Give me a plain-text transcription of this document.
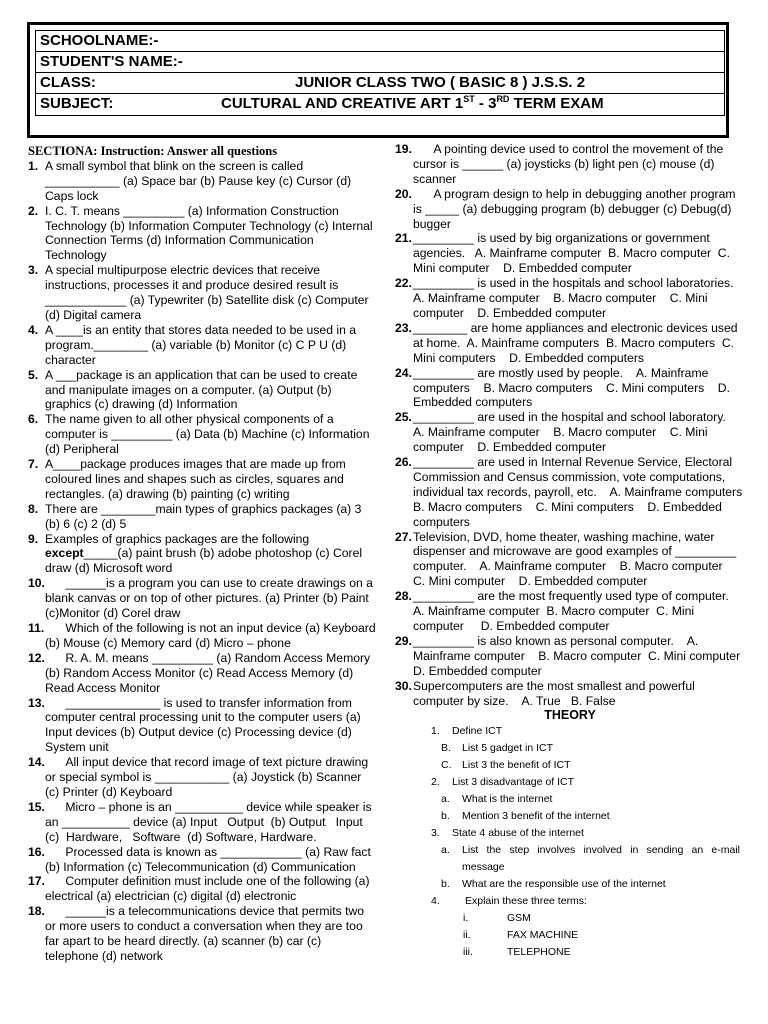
SCHOOLNAME:-
STUDENT'S NAME:-
CLASS:	JUNIOR CLASS TWO ( BASIC 8 ) J.S.S. 2
SUBJECT:	CULTURAL AND CREATIVE ART 1ST - 3RD TERM EXAM
SECTIONA: Instruction: Answer all questions
1. A small symbol that blink on the screen is called ___________ (a) Space bar (b) Pause key (c) Cursor (d) Caps lock
2. I. C. T. means _________ (a) Information Construction Technology (b) Information Computer Technology (c) Internal Connection Terms (d) Information Communication Technology
3. A special multipurpose electric devices that receive instructions, processes it and produce desired result is ____________ (a) Typewriter (b) Satellite disk (c) Computer (d) Digital camera
4. A ____is an entity that stores data needed to be used in a program.________ (a) variable (b) Monitor (c) C P U (d) character
5. A ___package is an application that can be used to create and manipulate images on a computer. (a) Output (b) graphics (c) drawing (d) Information
6. The name given to all other physical components of a computer is _________ (a) Data (b) Machine (c) Information (d) Peripheral
7. A____package produces images that are made up from coloured lines and shapes such as circles, squares and rectangles. (a) drawing (b) painting (c) writing
8. There are ________main types of graphics packages (a) 3 (b) 6 (c) 2 (d) 5
9. Examples of graphics packages are the following except_____(a) paint brush (b) adobe photoshop (c) Corel draw (d) Microsoft word
10. ______is a program you can use to create drawings on a blank canvas or on top of other pictures. (a) Printer (b) Paint (c)Monitor (d) Corel draw
11. Which of the following is not an input device (a) Keyboard (b) Mouse (c) Memory card (d) Micro – phone
12. R. A. M. means _________ (a) Random Access Memory (b) Random Access Monitor (c) Read Access Memory (d) Read Access Monitor
13. ______________ is used to transfer information from computer central processing unit to the computer users (a) Input devices (b) Output device (c) Processing device (d) System unit
14. All input device that record image of text picture drawing or special symbol is ___________ (a) Joystick (b) Scanner (c) Printer (d) Keyboard
15. Micro – phone is an __________ device while speaker is an __________ device (a) Input   Output  (b) Output   Input  (c)  Hardware,   Software  (d) Software, Hardware.
16. Processed data is known as ____________ (a) Raw fact (b) Information (c) Telecommunication (d) Communication
17. Computer definition must include one of the following (a) electrical (a) electrician (c) digital (d) electronic
18. ______is a telecommunications device that permits two or more users to conduct a conversation when they are too far apart to be heard directly. (a) scanner (b) car (c) telephone (d) network
19. A pointing device used to control the movement of the cursor is ______ (a) joysticks (b) light pen (c) mouse (d) scanner
20. A program design to help in debugging another program is _____ (a) debugging program (b) debugger (c) Debug(d) bugger
21. _________ is used by big organizations or government agencies.   A. Mainframe computer  B. Macro computer  C. Mini computer    D. Embedded computer
22. _________ is used in the hospitals and school laboratories.   A. Mainframe computer    B. Macro computer    C. Mini computer    D. Embedded computer
23. ________ are home appliances and electronic devices used at home.  A. Mainframe computers  B. Macro computers  C. Mini computers    D. Embedded computers
24. _________ are mostly used by people.    A. Mainframe computers    B. Macro computers    C. Mini computers    D. Embedded computers
25. _________ are used in the hospital and school laboratory.    A. Mainframe computer    B. Macro computer    C. Mini computer    D. Embedded computer
26. _________ are used in Internal Revenue Service, Electoral Commission and Census commission, vote computations, individual tax records, payroll, etc.    A. Mainframe computers    B. Macro computers    C. Mini computers    D. Embedded computers
27. Television, DVD, home theater, washing machine, water dispenser and microwave are good examples of _________ computer.    A. Mainframe computer    B. Macro computer    C. Mini computer    D. Embedded computer
28. _________ are the most frequently used type of computer.  A. Mainframe computer  B. Macro computer  C. Mini computer     D. Embedded computer
29. _________ is also known as personal computer.    A. Mainframe computer    B. Macro computer  C. Mini computer     D. Embedded computer
30. Supercomputers are the most smallest and powerful computer by size.    A. True   B. False
THEORY
1. Define ICT
B. List 5 gadget in ICT
C. List 3 the benefit of ICT
2. List 3 disadvantage of ICT
a. What is the internet
b. Mention 3 benefit of the internet
3. State 4 abuse of the internet
a. List the step involves involved in sending an e-mail message
b. What are the responsible use of the internet
4. Explain these three terms:
i.	GSM
ii.	FAX MACHINE
iii.	TELEPHONE
